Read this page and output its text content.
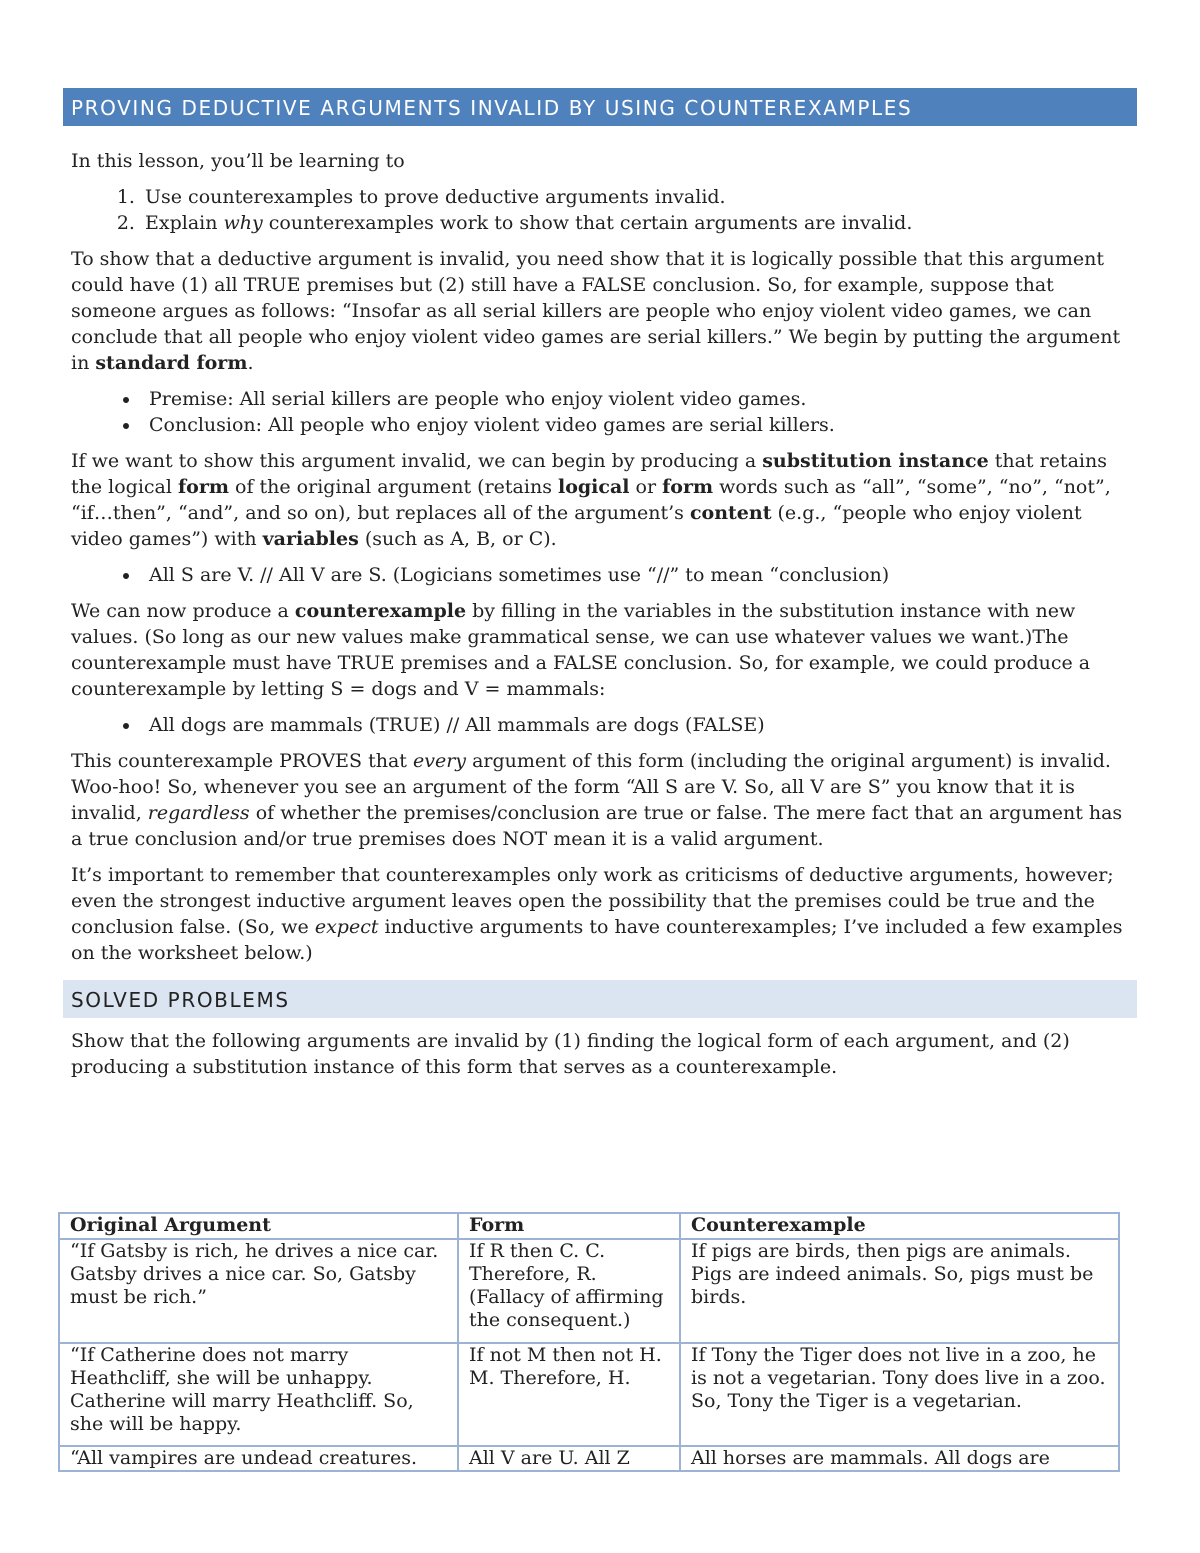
PROVING DEDUCTIVE ARGUMENTS INVALID BY USING COUNTEREXAMPLES

In this lesson, you’ll be learning to

1. Use counterexamples to prove deductive arguments invalid.
2. Explain why counterexamples work to show that certain arguments are invalid.

To show that a deductive argument is invalid, you need show that it is logically possible that this argument could have (1) all TRUE premises but (2) still have a FALSE conclusion. So, for example, suppose that someone argues as follows: “Insofar as all serial killers are people who enjoy violent video games, we can conclude that all people who enjoy violent video games are serial killers.” We begin by putting the argument in standard form.

• Premise: All serial killers are people who enjoy violent video games.
• Conclusion: All people who enjoy violent video games are serial killers.

If we want to show this argument invalid, we can begin by producing a substitution instance that retains the logical form of the original argument (retains logical or form words such as “all”, “some”, “no”, “not”, “if…then”, “and”, and so on), but replaces all of the argument’s content (e.g., “people who enjoy violent video games”) with variables (such as A, B, or C).

• All S are V. // All V are S. (Logicians sometimes use “//” to mean “conclusion)

We can now produce a counterexample by filling in the variables in the substitution instance with new values. (So long as our new values make grammatical sense, we can use whatever values we want.)The counterexample must have TRUE premises and a FALSE conclusion. So, for example, we could produce a counterexample by letting S = dogs and V = mammals:

• All dogs are mammals (TRUE) // All mammals are dogs (FALSE)

This counterexample PROVES that every argument of this form (including the original argument) is invalid. Woo-hoo! So, whenever you see an argument of the form “All S are V. So, all V are S” you know that it is invalid, regardless of whether the premises/conclusion are true or false. The mere fact that an argument has a true conclusion and/or true premises does NOT mean it is a valid argument.

It’s important to remember that counterexamples only work as criticisms of deductive arguments, however; even the strongest inductive argument leaves open the possibility that the premises could be true and the conclusion false. (So, we expect inductive arguments to have counterexamples; I’ve included a few examples on the worksheet below.)

SOLVED PROBLEMS

Show that the following arguments are invalid by (1) finding the logical form of each argument, and (2) producing a substitution instance of this form that serves as a counterexample.

Original Argument	Form	Counterexample
“If Gatsby is rich, he drives a nice car. Gatsby drives a nice car. So, Gatsby must be rich.”	If R then C. C. Therefore, R. (Fallacy of affirming the consequent.)	If pigs are birds, then pigs are animals. Pigs are indeed animals. So, pigs must be birds.
“If Catherine does not marry Heathcliff, she will be unhappy. Catherine will marry Heathcliff. So, she will be happy.	If not M then not H. M. Therefore, H.	If Tony the Tiger does not live in a zoo, he is not a vegetarian. Tony does live in a zoo. So, Tony the Tiger is a vegetarian.
“All vampires are undead creatures.	All V are U. All Z	All horses are mammals. All dogs are
